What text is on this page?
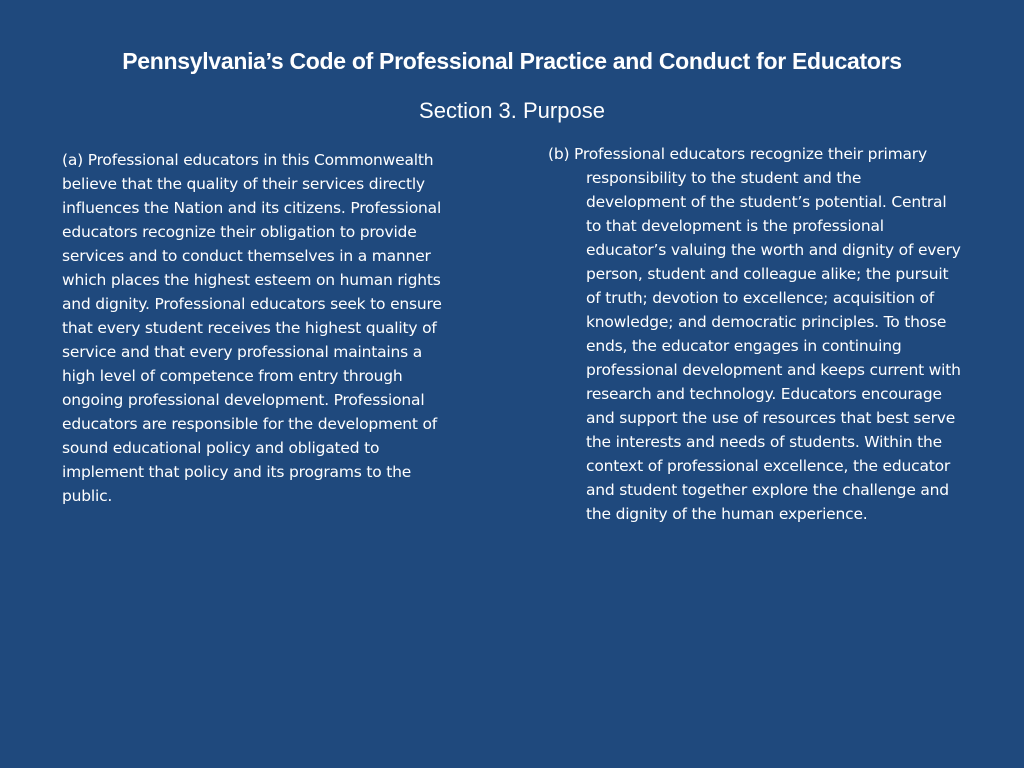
Pennsylvania’s Code of Professional Practice and Conduct for Educators
Section 3. Purpose
(a) Professional educators in this Commonwealth believe that the quality of their services directly influences the Nation and its citizens. Professional educators recognize their obligation to provide services and to conduct themselves in a manner which places the highest esteem on human rights and dignity. Professional educators seek to ensure that every student receives the highest quality of service and that every professional maintains a high level of competence from entry through ongoing professional development. Professional educators are responsible for the development of sound educational policy and obligated to implement that policy and its programs to the public.
(b) Professional educators recognize their primary responsibility to the student and the development of the student’s potential. Central to that development is the professional educator’s valuing the worth and dignity of every person, student and colleague alike; the pursuit of truth; devotion to excellence; acquisition of knowledge; and democratic principles. To those ends, the educator engages in continuing professional development and keeps current with research and technology. Educators encourage and support the use of resources that best serve the interests and needs of students. Within the context of professional excellence, the educator and student together explore the challenge and the dignity of the human experience.
